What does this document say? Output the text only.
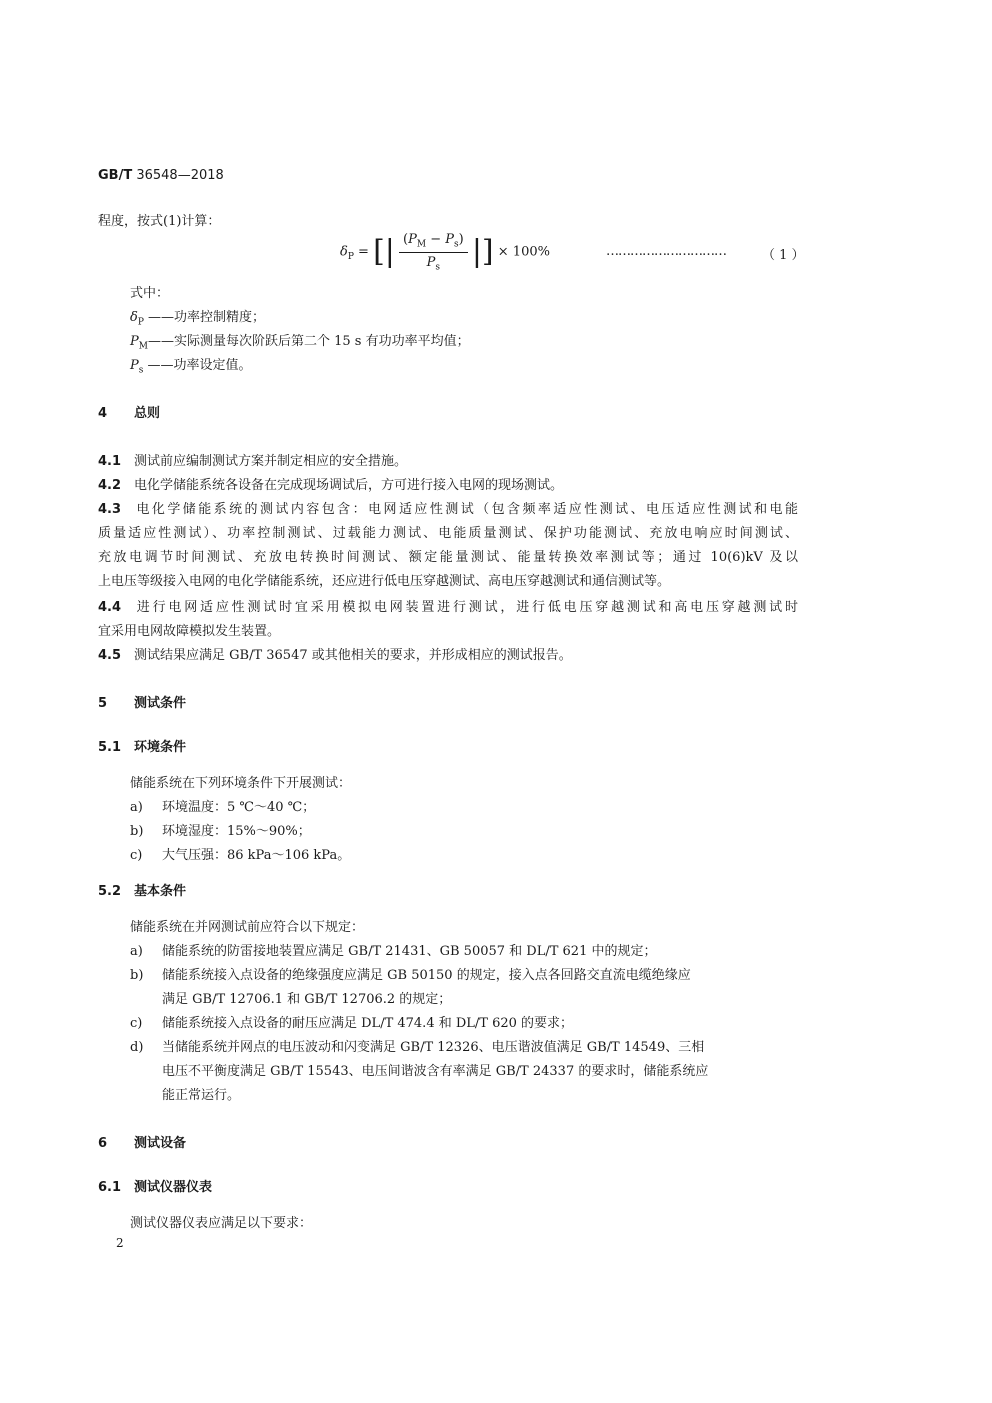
GB/T 36548—2018
程度，按式(1)计算：
$\delta_P$ = [| $\frac{(P_M - P_s)}{P_s}$ |] × 100%	…………………………	（ 1 ）
式中：
$\delta_P$ ——功率控制精度；
$P_M——$实际测量每次阶跃后第二个 15 s 有功功率平均值；
$P_s$ ——功率设定值。
4 总则
4.1 测试前应编制测试方案并制定相应的安全措施。
4.2 电化学储能系统各设备在完成现场调试后，方可进行接入电网的现场测试。
4.3 电化学储能系统的测试内容包含：电网适应性测试（包含频率适应性测试、电压适应性测试和电能
质量适应性测试）、功率控制测试、过载能力测试、电能质量测试、保护功能测试、充放电响应时间测试、
充放电调节时间测试、充放电转换时间测试、额定能量测试、能量转换效率测试等；通过 10(6)kV 及以
上电压等级接入电网的电化学储能系统，还应进行低电压穿越测试、高电压穿越测试和通信测试等。
4.4 进行电网适应性测试时宜采用模拟电网装置进行测试，进行低电压穿越测试和高电压穿越测试时
宜采用电网故障模拟发生装置。
4.5 测试结果应满足 GB/T 36547 或其他相关的要求，并形成相应的测试报告。
5 测试条件
5.1 环境条件
储能系统在下列环境条件下开展测试：
a) 环境温度：5 ℃～40 ℃；
b) 环境湿度：15%～90%；
c) 大气压强：86 kPa～106 kPa。
5.2 基本条件
储能系统在并网测试前应符合以下规定：
a) 储能系统的防雷接地装置应满足 GB/T 21431、GB 50057 和 DL/T 621 中的规定；
b) 储能系统接入点设备的绝缘强度应满足 GB 50150 的规定，接入点各回路交直流电缆绝缘应
满足 GB/T 12706.1 和 GB/T 12706.2 的规定；
c) 储能系统接入点设备的耐压应满足 DL/T 474.4 和 DL/T 620 的要求；
d) 当储能系统并网点的电压波动和闪变满足 GB/T 12326、电压谐波值满足 GB/T 14549、三相
电压不平衡度满足 GB/T 15543、电压间谐波含有率满足 GB/T 24337 的要求时，储能系统应
能正常运行。
6 测试设备
6.1 测试仪器仪表
测试仪器仪表应满足以下要求：
2
